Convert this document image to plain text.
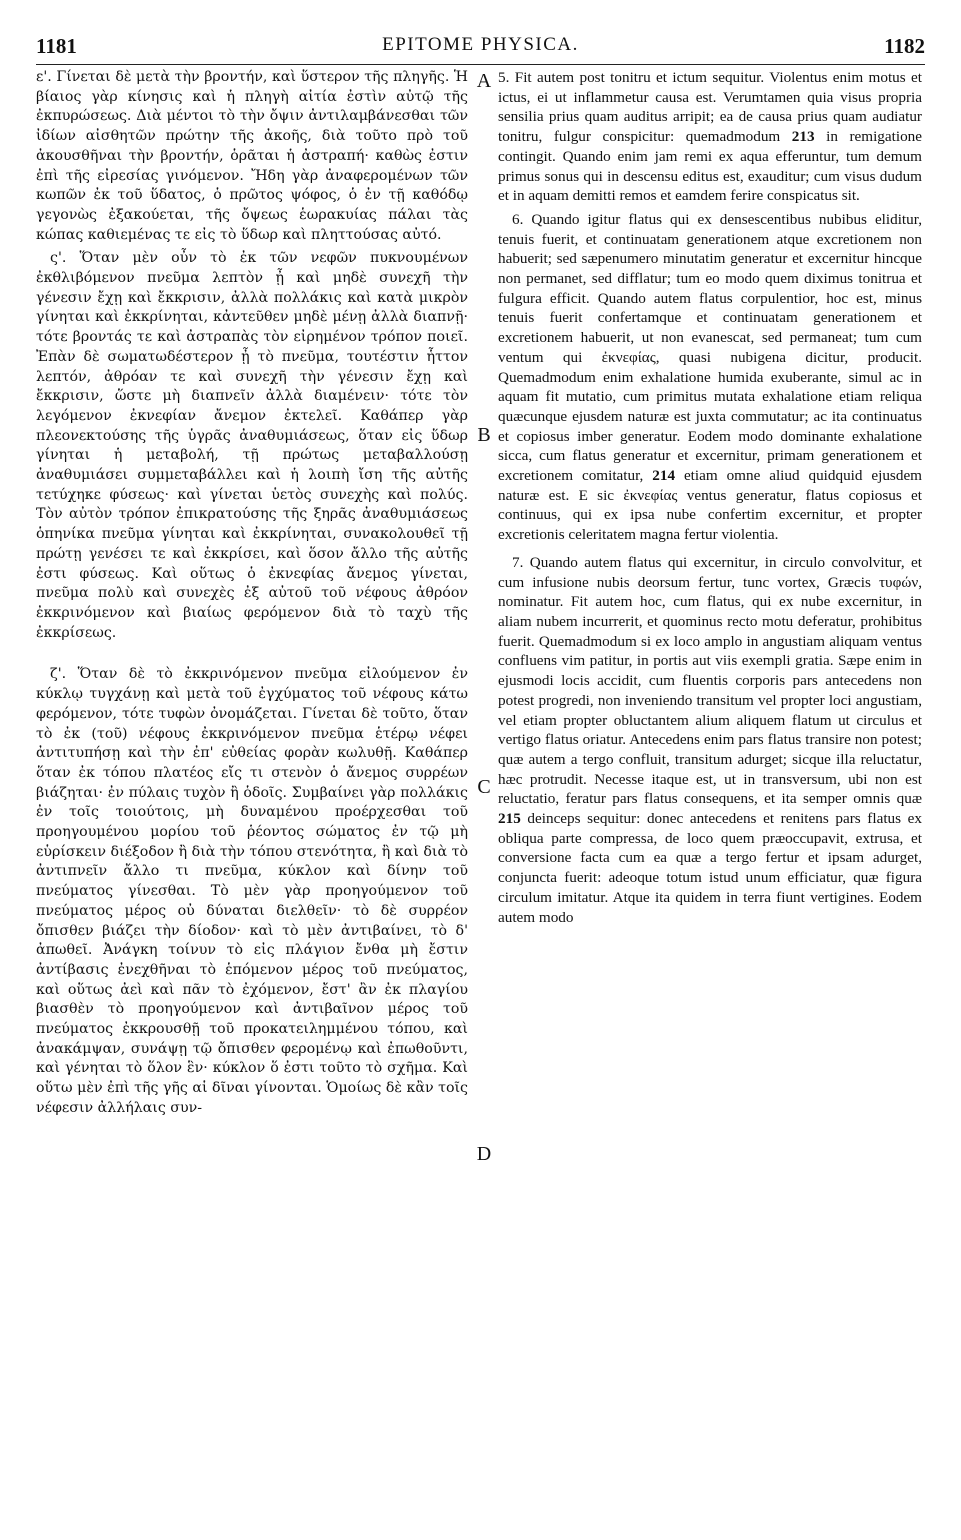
1181	EPITOME PHYSICA.	1182

ε'. Γίνεται δὲ μετὰ τὴν βροντήν, καὶ ὕστερον τῆς πληγῆς. Ἡ βίαιος γὰρ κίνησις καὶ ἡ πληγὴ αἰτία ἐστὶν αὐτῷ τῆς ἐκπυρώσεως. Διὰ μέντοι τὸ τὴν ὄψιν ἀντιλαμβάνεσθαι τῶν ἰδίων αἰσθητῶν πρώτην τῆς ἀκοῆς, διὰ τοῦτο πρὸ τοῦ ἀκουσθῆναι τὴν βροντήν, ὁρᾶται ἡ ἀστραπή· καθὼς ἐστιν ἐπὶ τῆς εἰρεσίας γινόμενον. Ἤδη γὰρ ἀναφερομένων τῶν κωπῶν ἐκ τοῦ ὕδατος, ὁ πρῶτος ψόφος, ὁ ἐν τῇ καθόδῳ γεγονὼς ἐξακούεται, τῆς ὄψεως ἑωρακυίας πάλαι τὰς κώπας καθιεμένας τε εἰς τὸ ὕδωρ καὶ πληττούσας αὐτό.

ς'. Ὅταν μὲν οὖν τὸ ἐκ τῶν νεφῶν πυκνουμένων ἐκθλιβόμενον πνεῦμα λεπτὸν ᾖ καὶ μηδὲ συνεχῆ τὴν γένεσιν ἔχῃ καὶ ἔκκρισιν, ἀλλὰ πολλάκις καὶ κατὰ μικρὸν γίνηται καὶ ἐκκρίνηται, κἀντεῦθεν μηδὲ μένῃ ἀλλὰ διαπνῇ· τότε βροντάς τε καὶ ἀστραπὰς τὸν εἰρημένον τρόπον ποιεῖ. Ἐπὰν δὲ σωματωδέστερον ᾖ τὸ πνεῦμα, τουτέστιν ἧττον λεπτόν, ἀθρόαν τε καὶ συνεχῆ τὴν γένεσιν ἔχῃ καὶ ἔκκρισιν, ὥστε μὴ διαπνεῖν ἀλλὰ διαμένειν· τότε τὸν λεγόμενον ἐκνεφίαν ἄνεμον ἐκτελεῖ. Καθάπερ γὰρ πλεονεκτούσης τῆς ὑγρᾶς ἀναθυμιάσεως, ὅταν εἰς ὕδωρ γίνηται ἡ μεταβολή, τῇ πρώτως μεταβαλλούσῃ ἀναθυμιάσει συμμεταβάλλει καὶ ἡ λοιπὴ ἴση τῆς αὐτῆς τετύχηκε φύσεως· καὶ γίνεται ὑετὸς συνεχὴς καὶ πολύς. Τὸν αὐτὸν τρόπον ἐπικρατούσης τῆς ξηρᾶς ἀναθυμιάσεως ὁπηνίκα πνεῦμα γίνηται καὶ ἐκκρίνηται, συνακολουθεῖ τῇ πρώτῃ γενέσει τε καὶ ἐκκρίσει, καὶ ὅσον ἄλλο τῆς αὐτῆς ἐστι φύσεως. Καὶ οὕτως ὁ ἐκνεφίας ἄνεμος γίνεται, πνεῦμα πολὺ καὶ συνεχὲς ἐξ αὐτοῦ τοῦ νέφους ἀθρόον ἐκκρινόμενον καὶ βιαίως φερόμενον διὰ τὸ ταχὺ τῆς ἐκκρίσεως.

ζ'. Ὅταν δὲ τὸ ἐκκρινόμενον πνεῦμα εἰλούμενον ἐν κύκλῳ τυγχάνῃ καὶ μετὰ τοῦ ἐγχύματος τοῦ νέφους κάτω φερόμενον, τότε τυφὼν ὀνομάζεται. Γίνεται δὲ τοῦτο, ὅταν τὸ ἐκ (τοῦ) νέφους ἐκκρινόμενον πνεῦμα ἑτέρῳ νέφει ἀντιτυπήσῃ καὶ τὴν ἐπ' εὐθείας φορὰν κωλυθῇ. Καθάπερ ὅταν ἐκ τόπου πλατέος εἴς τι στενὸν ὁ ἄνεμος συρρέων βιάζηται· ἐν πύλαις τυχὸν ἢ ὁδοῖς. Συμβαίνει γὰρ πολλάκις ἐν τοῖς τοιούτοις, μὴ δυναμένου προέρχεσθαι τοῦ προηγουμένου μορίου τοῦ ῥέοντος σώματος ἐν τῷ μὴ εὑρίσκειν διέξοδον ἢ διὰ τὴν τόπου στενότητα, ἢ καὶ διὰ τὸ ἀντιπνεῖν ἄλλο τι πνεῦμα, κύκλον καὶ δίνην τοῦ πνεύματος γίνεσθαι. Τὸ μὲν γὰρ προηγούμενον τοῦ πνεύματος μέρος οὐ δύναται διελθεῖν· τὸ δὲ συρρέον ὄπισθεν βιάζει τὴν δίοδον· καὶ τὸ μὲν ἀντιβαίνει, τὸ δ' ἀπωθεῖ. Ἀνάγκη τοίνυν τὸ εἰς πλάγιον ἔνθα μὴ ἔστιν ἀντίβασις ἐνεχθῆναι τὸ ἑπόμενον μέρος τοῦ πνεύματος, καὶ οὕτως ἀεὶ καὶ πᾶν τὸ ἐχόμενον, ἔστ' ἂν ἐκ πλαγίου βιασθὲν τὸ προηγούμενον καὶ ἀντιβαῖνον μέρος τοῦ πνεύματος ἐκκρουσθῇ τοῦ προκατειλημμένου τόπου, καὶ ἀνακάμψαν, συνάψῃ τῷ ὄπισθεν φερομένῳ καὶ ἐπωθοῦντι, καὶ γένηται τὸ ὅλον ἓν· κύκλον ὅ ἐστι τοῦτο τὸ σχῆμα. Καὶ οὕτω μὲν ἐπὶ τῆς γῆς αἱ δῖναι γίνονται. Ὁμοίως δὲ κἂν τοῖς νέφεσιν ἀλλήλαις συν-

5. Fit autem post tonitru et ictum sequitur. Violentus enim motus et ictus, ei ut inflammetur causa est. Verumtamen quia visus propria sensilia prius quam auditus arripit; ea de causa prius quam audiatur tonitru, fulgur conspicitur: quemadmodum 213 in remigatione contingit. Quando enim jam remi ex aqua efferuntur, tum demum primus sonus qui in descensu editus est, exauditur; cum visus dudum et in aquam demitti remos et eamdem ferire conspicatus sit.

6. Quando igitur flatus qui ex densescentibus nubibus eliditur, tenuis fuerit, et continuatam generationem atque excretionem non habuerit; sed sæpenumero minutatim generatur et excernitur hincque non permanet, sed difflatur; tum eo modo quem diximus tonitrua et fulgura efficit. Quando autem flatus corpulentior, hoc est, minus tenuis fuerit confertamque et continuatam generationem et excretionem habuerit, ut non evanescat, sed permaneat; tum cum ventum qui ἐκνεφίας, quasi nubigena dicitur, producit. Quemadmodum enim exhalatione humida exuberante, simul ac in aquam fit mutatio, cum primitus mutata exhalatione etiam reliqua quæcunque ejusdem naturæ est juxta commutatur; ac ita continuatus et copiosus imber generatur. Eodem modo dominante exhalatione sicca, cum flatus generatur et excernitur, primam generationem et excretionem comitatur, 214 etiam omne aliud quidquid ejusdem naturæ est. E sic ἐκνεφίας ventus generatur, flatus copiosus et continuus, qui ex ipsa nube confertim excernitur, et propter excretionis celeritatem magna fertur violentia.

7. Quando autem flatus qui excernitur, in circulo convolvitur, et cum infusione nubis deorsum fertur, tunc vortex, Græcis τυφών, nominatur. Fit autem hoc, cum flatus, qui ex nube excernitur, in aliam nubem incurrerit, et quominus recto motu deferatur, prohibitus fuerit. Quemadmodum si ex loco amplo in angustiam aliquam ventus confluens vim patitur, in portis aut viis exempli gratia. Sæpe enim in ejusmodi locis accidit, cum fluentis corporis pars antecedens non potest progredi, non inveniendo transitum vel propter loci angustiam, vel etiam propter obluctantem alium aliquem flatum ut circulus et vertigo flatus oriatur. Antecedens enim pars flatus transire non potest; quæ autem a tergo confluit, transitum adurget; sicque illa reluctatur, hæc protrudit. Necesse itaque est, ut in transversum, ubi non est reluctatio, feratur pars flatus consequens, et ita semper omnis quæ 215 deinceps sequitur: donec antecedens et renitens pars flatus ex obliqua parte compressa, de loco quem præoccupavit, extrusa, et conversione facta cum ea quæ a tergo fertur et ipsam adurget, conjuncta fuerit: adeoque totum istud unum efficiatur, quæ figura circulum imitatur. Atque ita quidem in terra fiunt vertigines. Eodem autem modo

A
B
C
D
